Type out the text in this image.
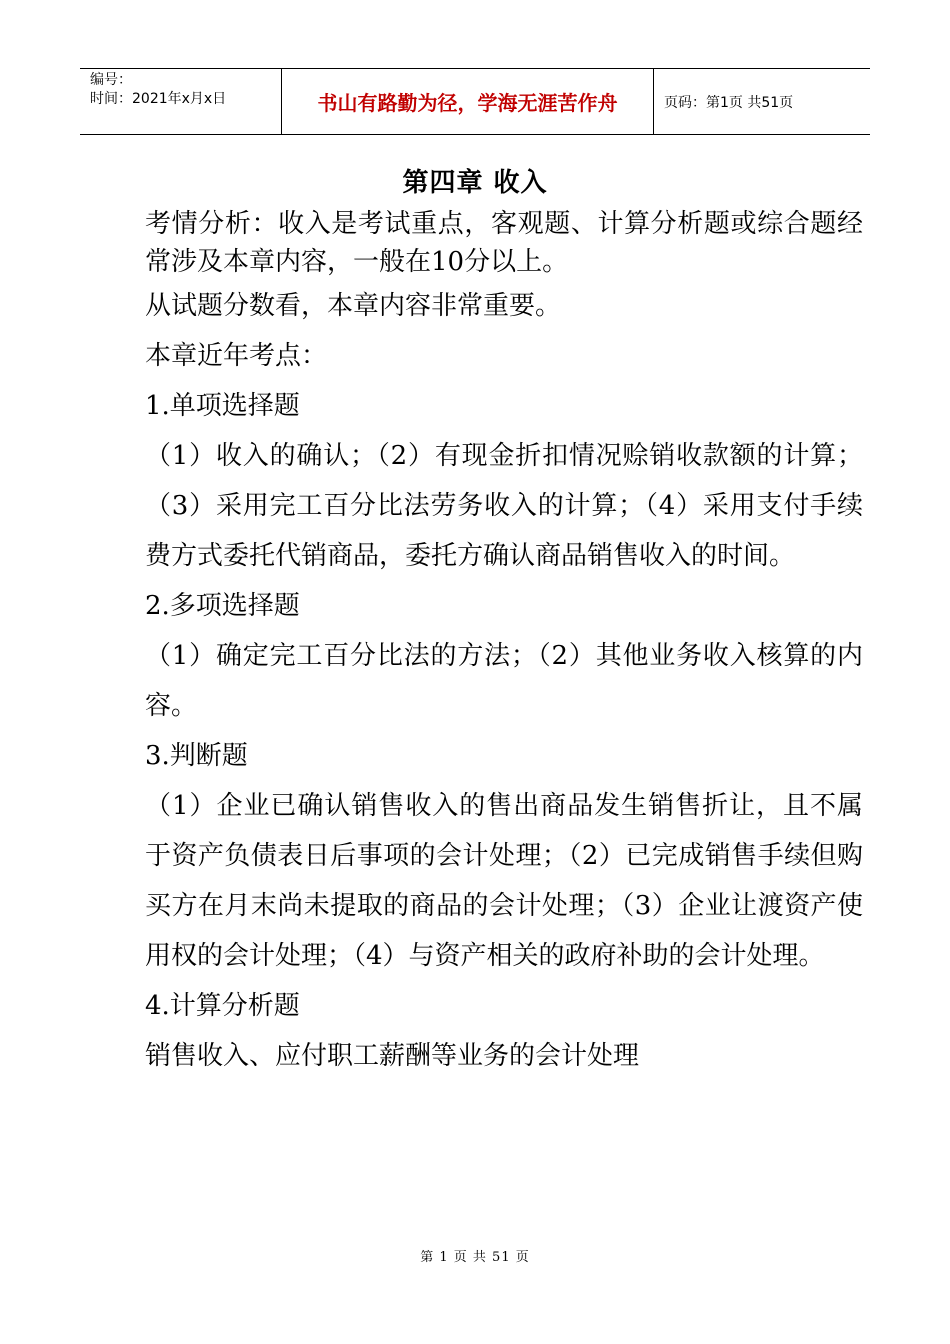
编号：
时间：2021年x月x日	书山有路勤为径，学海无涯苦作舟	页码：第1页 共51页
第四章 收入

考情分析：收入是考试重点，客观题、计算分析题或综合题经常涉及本章内容，一般在10分以上。

从试题分数看，本章内容非常重要。

本章近年考点：

1.单项选择题

（1）收入的确认；（2）有现金折扣情况赊销收款额的计算；（3）采用完工百分比法劳务收入的计算；（4）采用支付手续费方式委托代销商品，委托方确认商品销售收入的时间。

2.多项选择题

（1）确定完工百分比法的方法；（2）其他业务收入核算的内容。

3.判断题

（1）企业已确认销售收入的售出商品发生销售折让，且不属于资产负债表日后事项的会计处理；（2）已完成销售手续但购买方在月末尚未提取的商品的会计处理；（3）企业让渡资产使用权的会计处理；（4）与资产相关的政府补助的会计处理。

4.计算分析题

销售收入、应付职工薪酬等业务的会计处理

第 1 页 共 51 页
